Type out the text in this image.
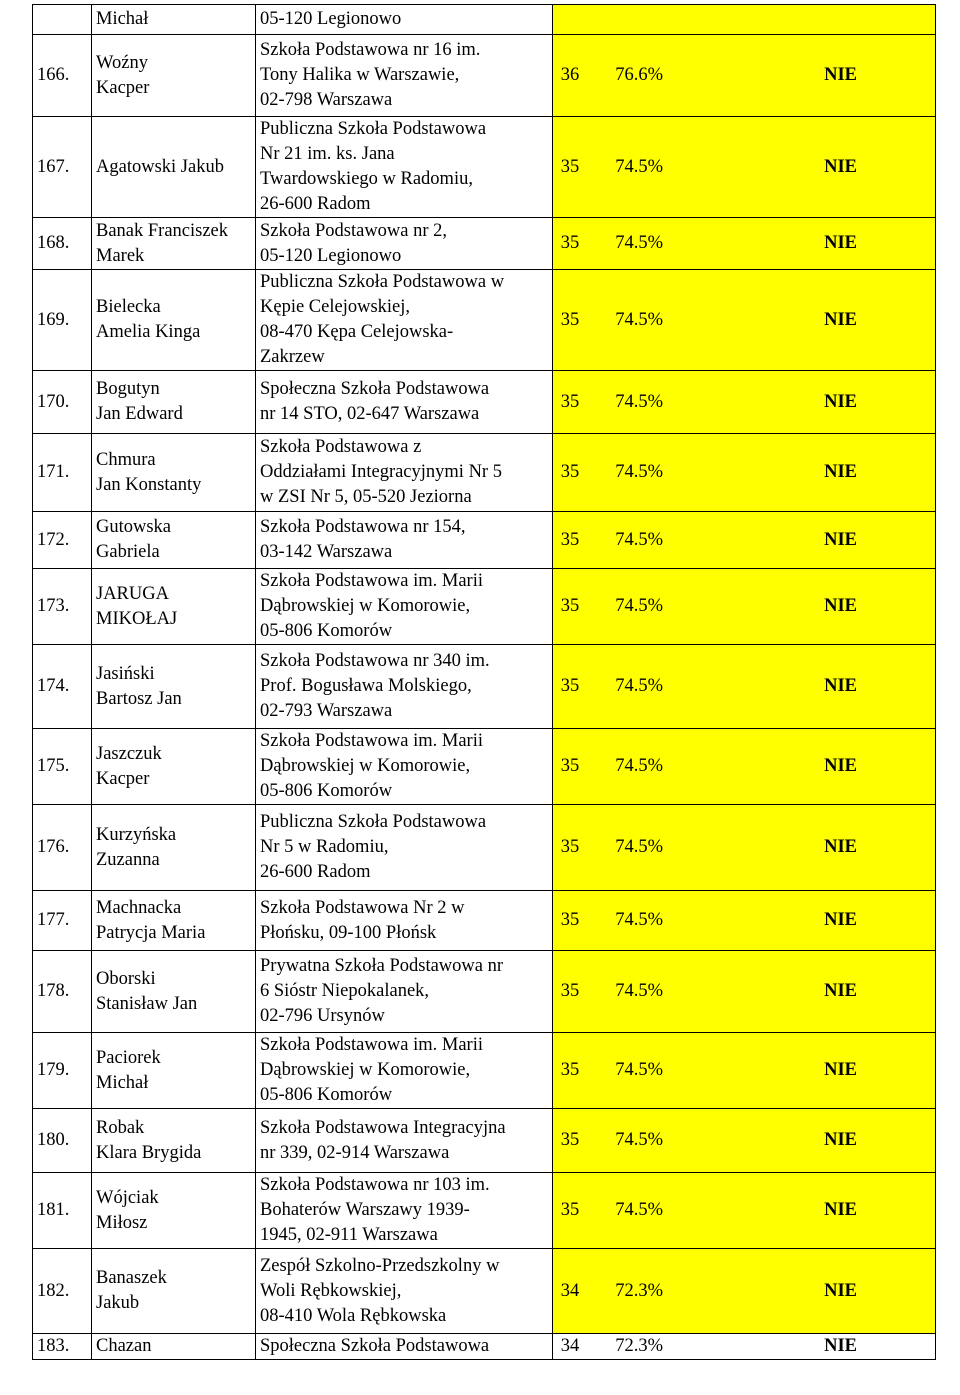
	Michał	05-120 Legionowo	

166.	Woźny
Kacper	Szkoła Podstawowa nr 16 im.
Tony Halika w Warszawie,
02-798 Warszawa	36 76.6% NIE

167.	Agatowski Jakub	Publiczna Szkoła Podstawowa
Nr 21 im. ks. Jana
Twardowskiego w Radomiu,
26-600 Radom	35 74.5% NIE

168.	Banak Franciszek
Marek	Szkoła Podstawowa nr 2,
05-120 Legionowo	35 74.5% NIE

169.	Bielecka
Amelia Kinga	Publiczna Szkoła Podstawowa w
Kępie Celejowskiej,
08-470 Kępa Celejowska-
Zakrzew	35 74.5% NIE

170.	Bogutyn
Jan Edward	Społeczna Szkoła Podstawowa
nr 14 STO, 02-647 Warszawa	35 74.5% NIE

171.	Chmura
Jan Konstanty	Szkoła Podstawowa z
Oddziałami Integracyjnymi Nr 5
w ZSI Nr 5, 05-520 Jeziorna	35 74.5% NIE

172.	Gutowska
Gabriela	Szkoła Podstawowa nr 154,
03-142 Warszawa	35 74.5% NIE

173.	JARUGA
MIKOŁAJ	Szkoła Podstawowa im. Marii
Dąbrowskiej w Komorowie,
05-806 Komorów	35 74.5% NIE

174.	Jasiński
Bartosz Jan	Szkoła Podstawowa nr 340 im.
Prof. Bogusława Molskiego,
02-793 Warszawa	35 74.5% NIE

175.	Jaszczuk
Kacper	Szkoła Podstawowa im. Marii
Dąbrowskiej w Komorowie,
05-806 Komorów	35 74.5% NIE

176.	Kurzyńska
Zuzanna	Publiczna Szkoła Podstawowa
Nr 5 w Radomiu,
26-600 Radom	35 74.5% NIE

177.	Machnacka
Patrycja Maria	Szkoła Podstawowa Nr 2 w
Płońsku, 09-100 Płońsk	35 74.5% NIE

178.	Oborski
Stanisław Jan	Prywatna Szkoła Podstawowa nr
6 Sióstr Niepokalanek,
02-796 Ursynów	35 74.5% NIE

179.	Paciorek
Michał	Szkoła Podstawowa im. Marii
Dąbrowskiej w Komorowie,
05-806 Komorów	35 74.5% NIE

180.	Robak
Klara Brygida	Szkoła Podstawowa Integracyjna
nr 339, 02-914 Warszawa	35 74.5% NIE

181.	Wójciak
Miłosz	Szkoła Podstawowa nr 103 im.
Bohaterów Warszawy 1939-
1945, 02-911 Warszawa	35 74.5% NIE

182.	Banaszek
Jakub	Zespół Szkolno-Przedszkolny w
Woli Rębkowskiej,
08-410 Wola Rębkowska	34 72.3% NIE

183.	Chazan	Społeczna Szkoła Podstawowa	34 72.3% NIE
